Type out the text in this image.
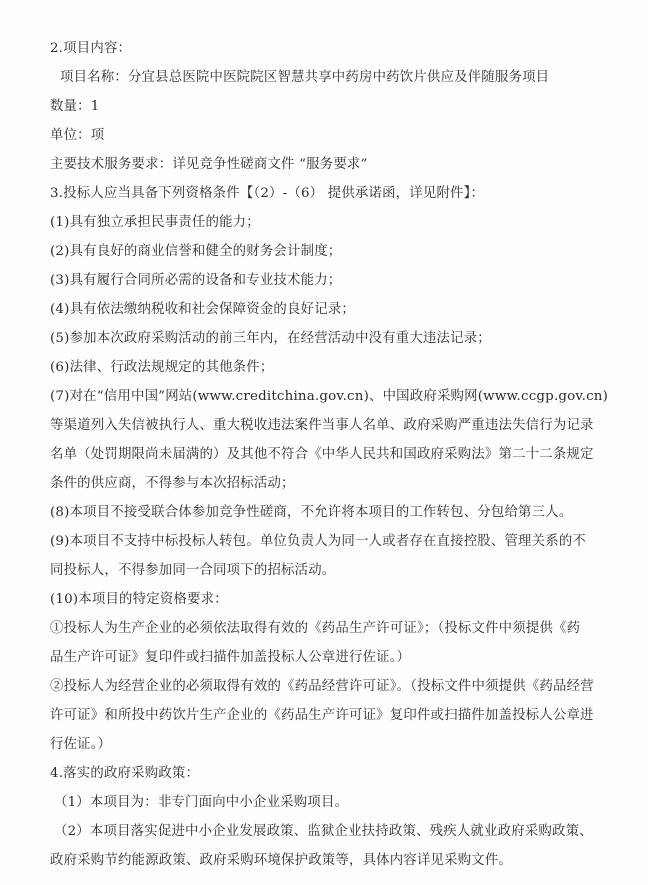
2.项目内容：
项目名称：分宜县总医院中医院院区智慧共享中药房中药饮片供应及伴随服务项目
数量：1
单位：项
主要技术服务要求：详见竞争性磋商文件 “服务要求”
3.投标人应当具备下列资格条件【（2）-（6） 提供承诺函，详见附件】：
(1)具有独立承担民事责任的能力；
(2)具有良好的商业信誉和健全的财务会计制度；
(3)具有履行合同所必需的设备和专业技术能力；
(4)具有依法缴纳税收和社会保障资金的良好记录；
(5)参加本次政府采购活动的前三年内，在经营活动中没有重大违法记录；
(6)法律、行政法规规定的其他条件；
(7)对在“信用中国”网站(www.creditchina.gov.cn)、中国政府采购网(www.ccgp.gov.cn)
等渠道列入失信被执行人、重大税收违法案件当事人名单、政府采购严重违法失信行为记录
名单（处罚期限尚未届满的）及其他不符合《中华人民共和国政府采购法》第二十二条规定
条件的供应商，不得参与本次招标活动；
(8)本项目不接受联合体参加竞争性磋商，不允许将本项目的工作转包、分包给第三人。
(9)本项目不支持中标投标人转包。单位负责人为同一人或者存在直接控股、管理关系的不
同投标人，不得参加同一合同项下的招标活动。
(10)本项目的特定资格要求：
①投标人为生产企业的必须依法取得有效的《药品生产许可证》；（投标文件中须提供《药
品生产许可证》复印件或扫描件加盖投标人公章进行佐证。）
②投标人为经营企业的必须取得有效的《药品经营许可证》。（投标文件中须提供《药品经营
许可证》和所投中药饮片生产企业的《药品生产许可证》复印件或扫描件加盖投标人公章进
行佐证。）
4.落实的政府采购政策：
（1）本项目为：非专门面向中小企业采购项目。
（2）本项目落实促进中小企业发展政策、监狱企业扶持政策、残疾人就业政府采购政策、
政府采购节约能源政策、政府采购环境保护政策等，具体内容详见采购文件。
